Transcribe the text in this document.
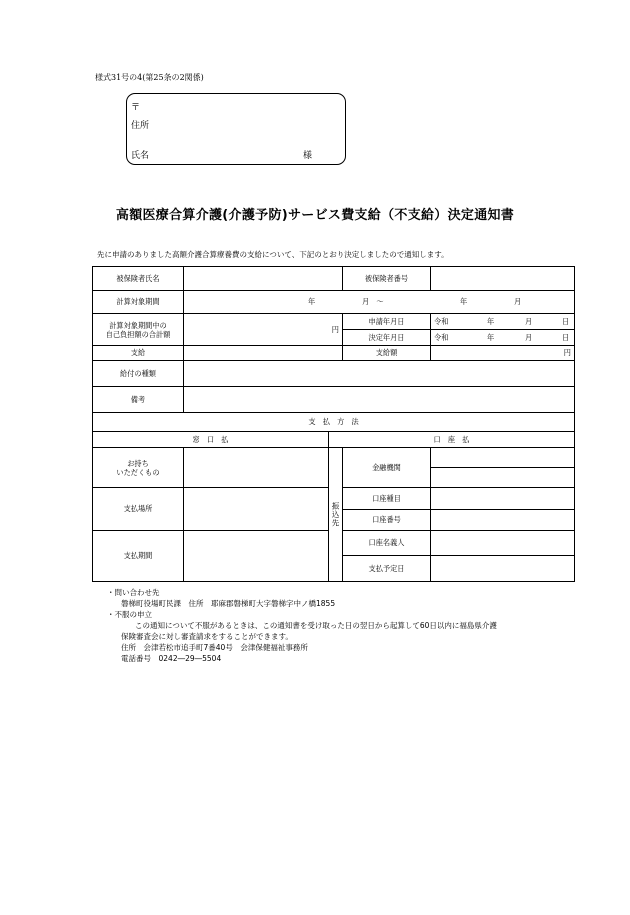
様式31号の4(第25条の2関係)
〒
住所
氏名	様
高額医療合算介護(介護予防)サービス費支給（不支給）決定通知書
先に申請のありました高額介護合算療養費の支給について、下記のとおり決定しましたので通知します。
被保険者氏名			被保険者番号	

計算対象期間	年 月　～ 年 月			

計算対象期間中の
自己負担額の合計額	円		申請年月日	令和 年 月 日

			決定年月日	令和 年 月 日

支給			支給額	円
給付の種類				
備考				
支　払　方　法				
窓　口　払		口　座　払		
お持ち
いただくもの		振込先	金融機関	

支払場所			口座種目	
			口座番号	
支払期間			口座名義人	
			支払予定日	
・問い合わせ先
磐梯町役場町民課　住所　耶麻郡磐梯町大字磐梯字中ノ橋1855
・不服の申立
この通知について不服があるときは、この通知書を受け取った日の翌日から起算して60日以内に福島県介護
保険審査会に対し審査請求をすることができます。
住所　会津若松市追手町7番40号　会津保健福祉事務所
電話番号　0242―29―5504
